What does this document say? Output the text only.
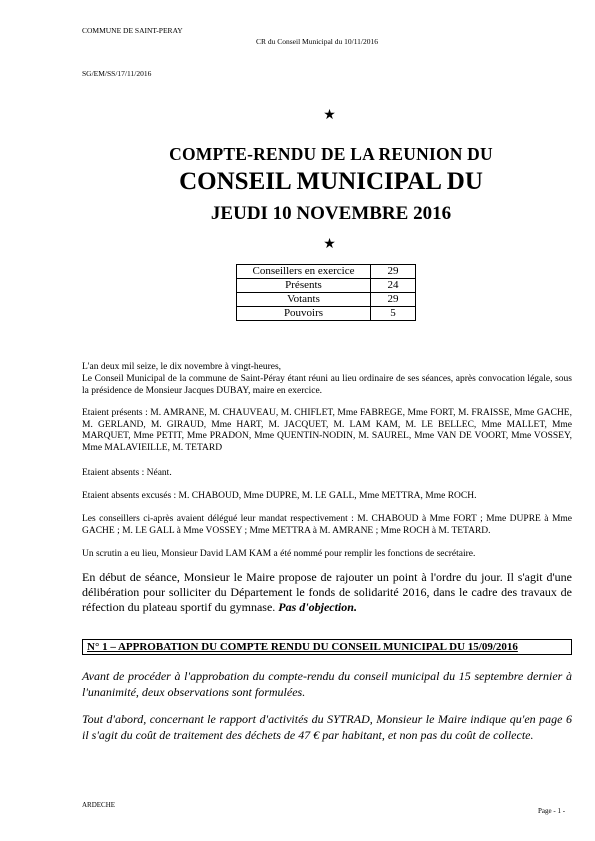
COMMUNE DE SAINT-PERAY
CR du Conseil Municipal du 10/11/2016
SG/EM/SS/17/11/2016
★
COMPTE-RENDU DE LA REUNION DU
CONSEIL MUNICIPAL DU
JEUDI 10 NOVEMBRE 2016
★
Conseillers en exercice	29
Présents	24
Votants	29
Pouvoirs	5
L'an deux mil seize, le dix novembre à vingt-heures,
Le Conseil Municipal de la commune de Saint-Péray étant réuni au lieu ordinaire de ses séances, après convocation légale, sous la présidence de Monsieur Jacques DUBAY, maire en exercice.
Etaient présents : M. AMRANE, M. CHAUVEAU, M. CHIFLET, Mme FABREGE, Mme FORT, M. FRAISSE, Mme GACHE, M. GERLAND, M. GIRAUD, Mme HART, M. JACQUET, M. LAM KAM, M. LE BELLEC, Mme MALLET, Mme MARQUET, Mme PETIT, Mme PRADON, Mme QUENTIN-NODIN, M. SAUREL, Mme VAN DE VOORT, Mme VOSSEY, Mme MALAVIEILLE, M. TETARD
Etaient absents : Néant.
Etaient absents excusés : M. CHABOUD, Mme DUPRE, M. LE GALL, Mme METTRA, Mme ROCH.
Les conseillers ci-après avaient délégué leur mandat respectivement : M. CHABOUD à Mme FORT ; Mme DUPRE à Mme GACHE ; M. LE GALL à Mme VOSSEY ; Mme METTRA à M. AMRANE ; Mme ROCH à M. TETARD.
Un scrutin a eu lieu, Monsieur David LAM KAM a été nommé pour remplir les fonctions de secrétaire.
En début de séance, Monsieur le Maire propose de rajouter un point à l'ordre du jour. Il s'agit d'une délibération pour solliciter du Département le fonds de solidarité 2016, dans le cadre des travaux de réfection du plateau sportif du gymnase. Pas d'objection.
N° 1 – APPROBATION DU COMPTE RENDU DU CONSEIL MUNICIPAL DU 15/09/2016
Avant de procéder à l'approbation du compte-rendu du conseil municipal du 15 septembre dernier à l'unanimité, deux observations sont formulées.
Tout d'abord, concernant le rapport d'activités du SYTRAD, Monsieur le Maire indique qu'en page 6 il s'agit du coût de traitement des déchets de 47 € par habitant, et non pas du coût de collecte.
ARDECHE
Page - 1 -
